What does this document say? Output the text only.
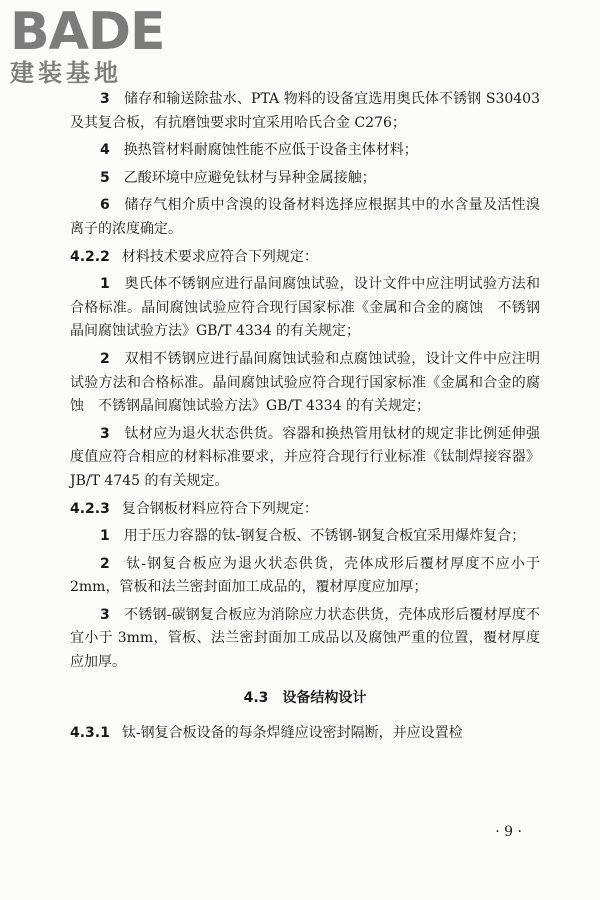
BADE
建装基地

3　 储存和输送除盐水、PTA 物料的设备宜选用奥氏体不锈钢 S30403 及其复合板，有抗磨蚀要求时宜采用哈氏合金 C276；

4　 换热管材料耐腐蚀性能不应低于设备主体材料；

5　 乙酸环境中应避免钛材与异种金属接触；

6　 储存气相介质中含溴的设备材料选择应根据其中的水含量及活性溴离子的浓度确定。

4.2.2 材料技术要求应符合下列规定：

1　 奥氏体不锈钢应进行晶间腐蚀试验，设计文件中应注明试验方法和合格标准。晶间腐蚀试验应符合现行国家标准《金属和合金的腐蚀　不锈钢晶间腐蚀试验方法》GB/T 4334 的有关规定；

2　 双相不锈钢应进行晶间腐蚀试验和点腐蚀试验，设计文件中应注明试验方法和合格标准。晶间腐蚀试验应符合现行国家标准《金属和合金的腐蚀　不锈钢晶间腐蚀试验方法》GB/T 4334 的有关规定；

3　 钛材应为退火状态供货。容器和换热管用钛材的规定非比例延伸强度值应符合相应的材料标准要求，并应符合现行行业标准《钛制焊接容器》JB/T 4745 的有关规定。

4.2.3 复合钢板材料应符合下列规定：

1　 用于压力容器的钛-钢复合板、不锈钢-钢复合板宜采用爆炸复合；

2　 钛-钢复合板应为退火状态供货，壳体成形后覆材厚度不应小于 2mm，管板和法兰密封面加工成品的，覆材厚度应加厚；

3　 不锈钢-碳钢复合板应为消除应力状态供货，壳体成形后覆材厚度不宜小于 3mm，管板、法兰密封面加工成品以及腐蚀严重的位置，覆材厚度应加厚。

4.3 设备结构设计

4.3.1 钛-钢复合板设备的每条焊缝应设密封隔断，并应设置检

· 9 ·
